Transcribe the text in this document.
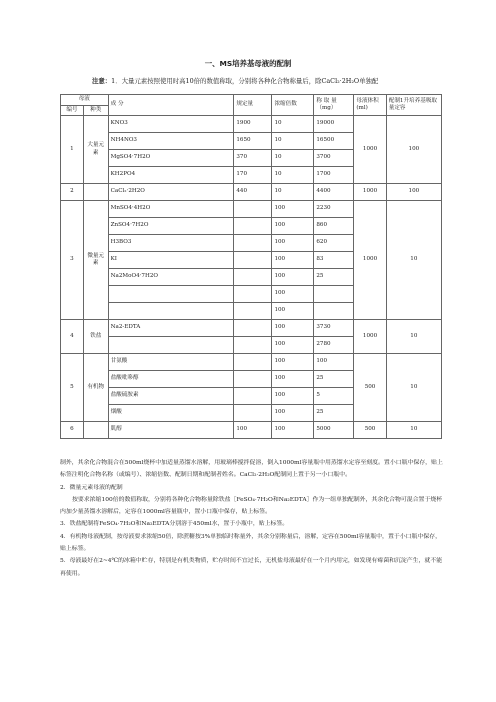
一、MS培养基母液的配制
注意：1．大量元素按照使用时高10倍的数值称取，分别将各种化合物称量后，除CaCl₂·2H₂O单独配
母液		成 分	规定量	浓缩倍数	称 取 量（mg）	母液体积(ml)	配制1升培养基吸取量定容
编号	种类						
1	大量元素	KNO3	1900	10	19000	1000	100
		NH4NO3	1650	10	16500		
		MgSO4·7H2O	370	10	3700		
		KH2PO4	170	10	1700		
2		CaCl₂·2H2O	440	10	4400	1000	100
3	微量元素	MnSO4·4H2O		100	2230	1000	10
		ZnSO4·7H2O		100	860		
		H3BO3		100	620		
		KI		100	83		
		Na2MoO4·7H2O		100	25		
				100			
				100			
4	铁盐	Na2-EDTA		100	3730	1000	10
				100	2780		
5	有机物	甘氨酸		100	100	500	10
		盐酸吡哆醇		100	25		
		盐酸硫胺素		100	5		
		烟酸		100	25		
6		肌醇	100	100	5000	500	10

制外，其余化合物混合在500ml烧杯中加适量蒸馏水溶解，用玻璃棒搅拌促溶，倒入1000ml容量瓶中用蒸馏水定容至刻度。置小口瓶中保存，贴上标签注明化合物名称（或编号）、浓缩倍数、配制日期和配制者姓名。CaCl₂·2H₂O配制同上置于另一小口瓶中。

2．微量元素母液的配制

按要求浓缩100倍的数值称取，分别将各种化合物称量除铁盐［FeSO₄·7H₂O和Na₂EDTA］作为一组单独配制外，其余化合物可混合置于烧杯内加少量蒸馏水溶解后，定容在1000ml容量瓶中，置小口瓶中保存，贴上标签。

3．铁盐配制将FeSO₄·7H₂O和Na₂EDTA分别溶于450ml水，置于小瓶中，贴上标签。

4．有机物母液配制，按母液要求浓缩50倍，除蔗糖按3%单独临时称量外，其余分别称量后，溶解，定容在500ml容量瓶中，置于小口瓶中保存，贴上标签。

5．母液最好在2~4℃的冰箱中贮存，特别是有机类物质，贮存时间不宜过长，无机盐母液最好在一个月内用完，如发现有霉菌和沉淀产生，就不能再使用。
